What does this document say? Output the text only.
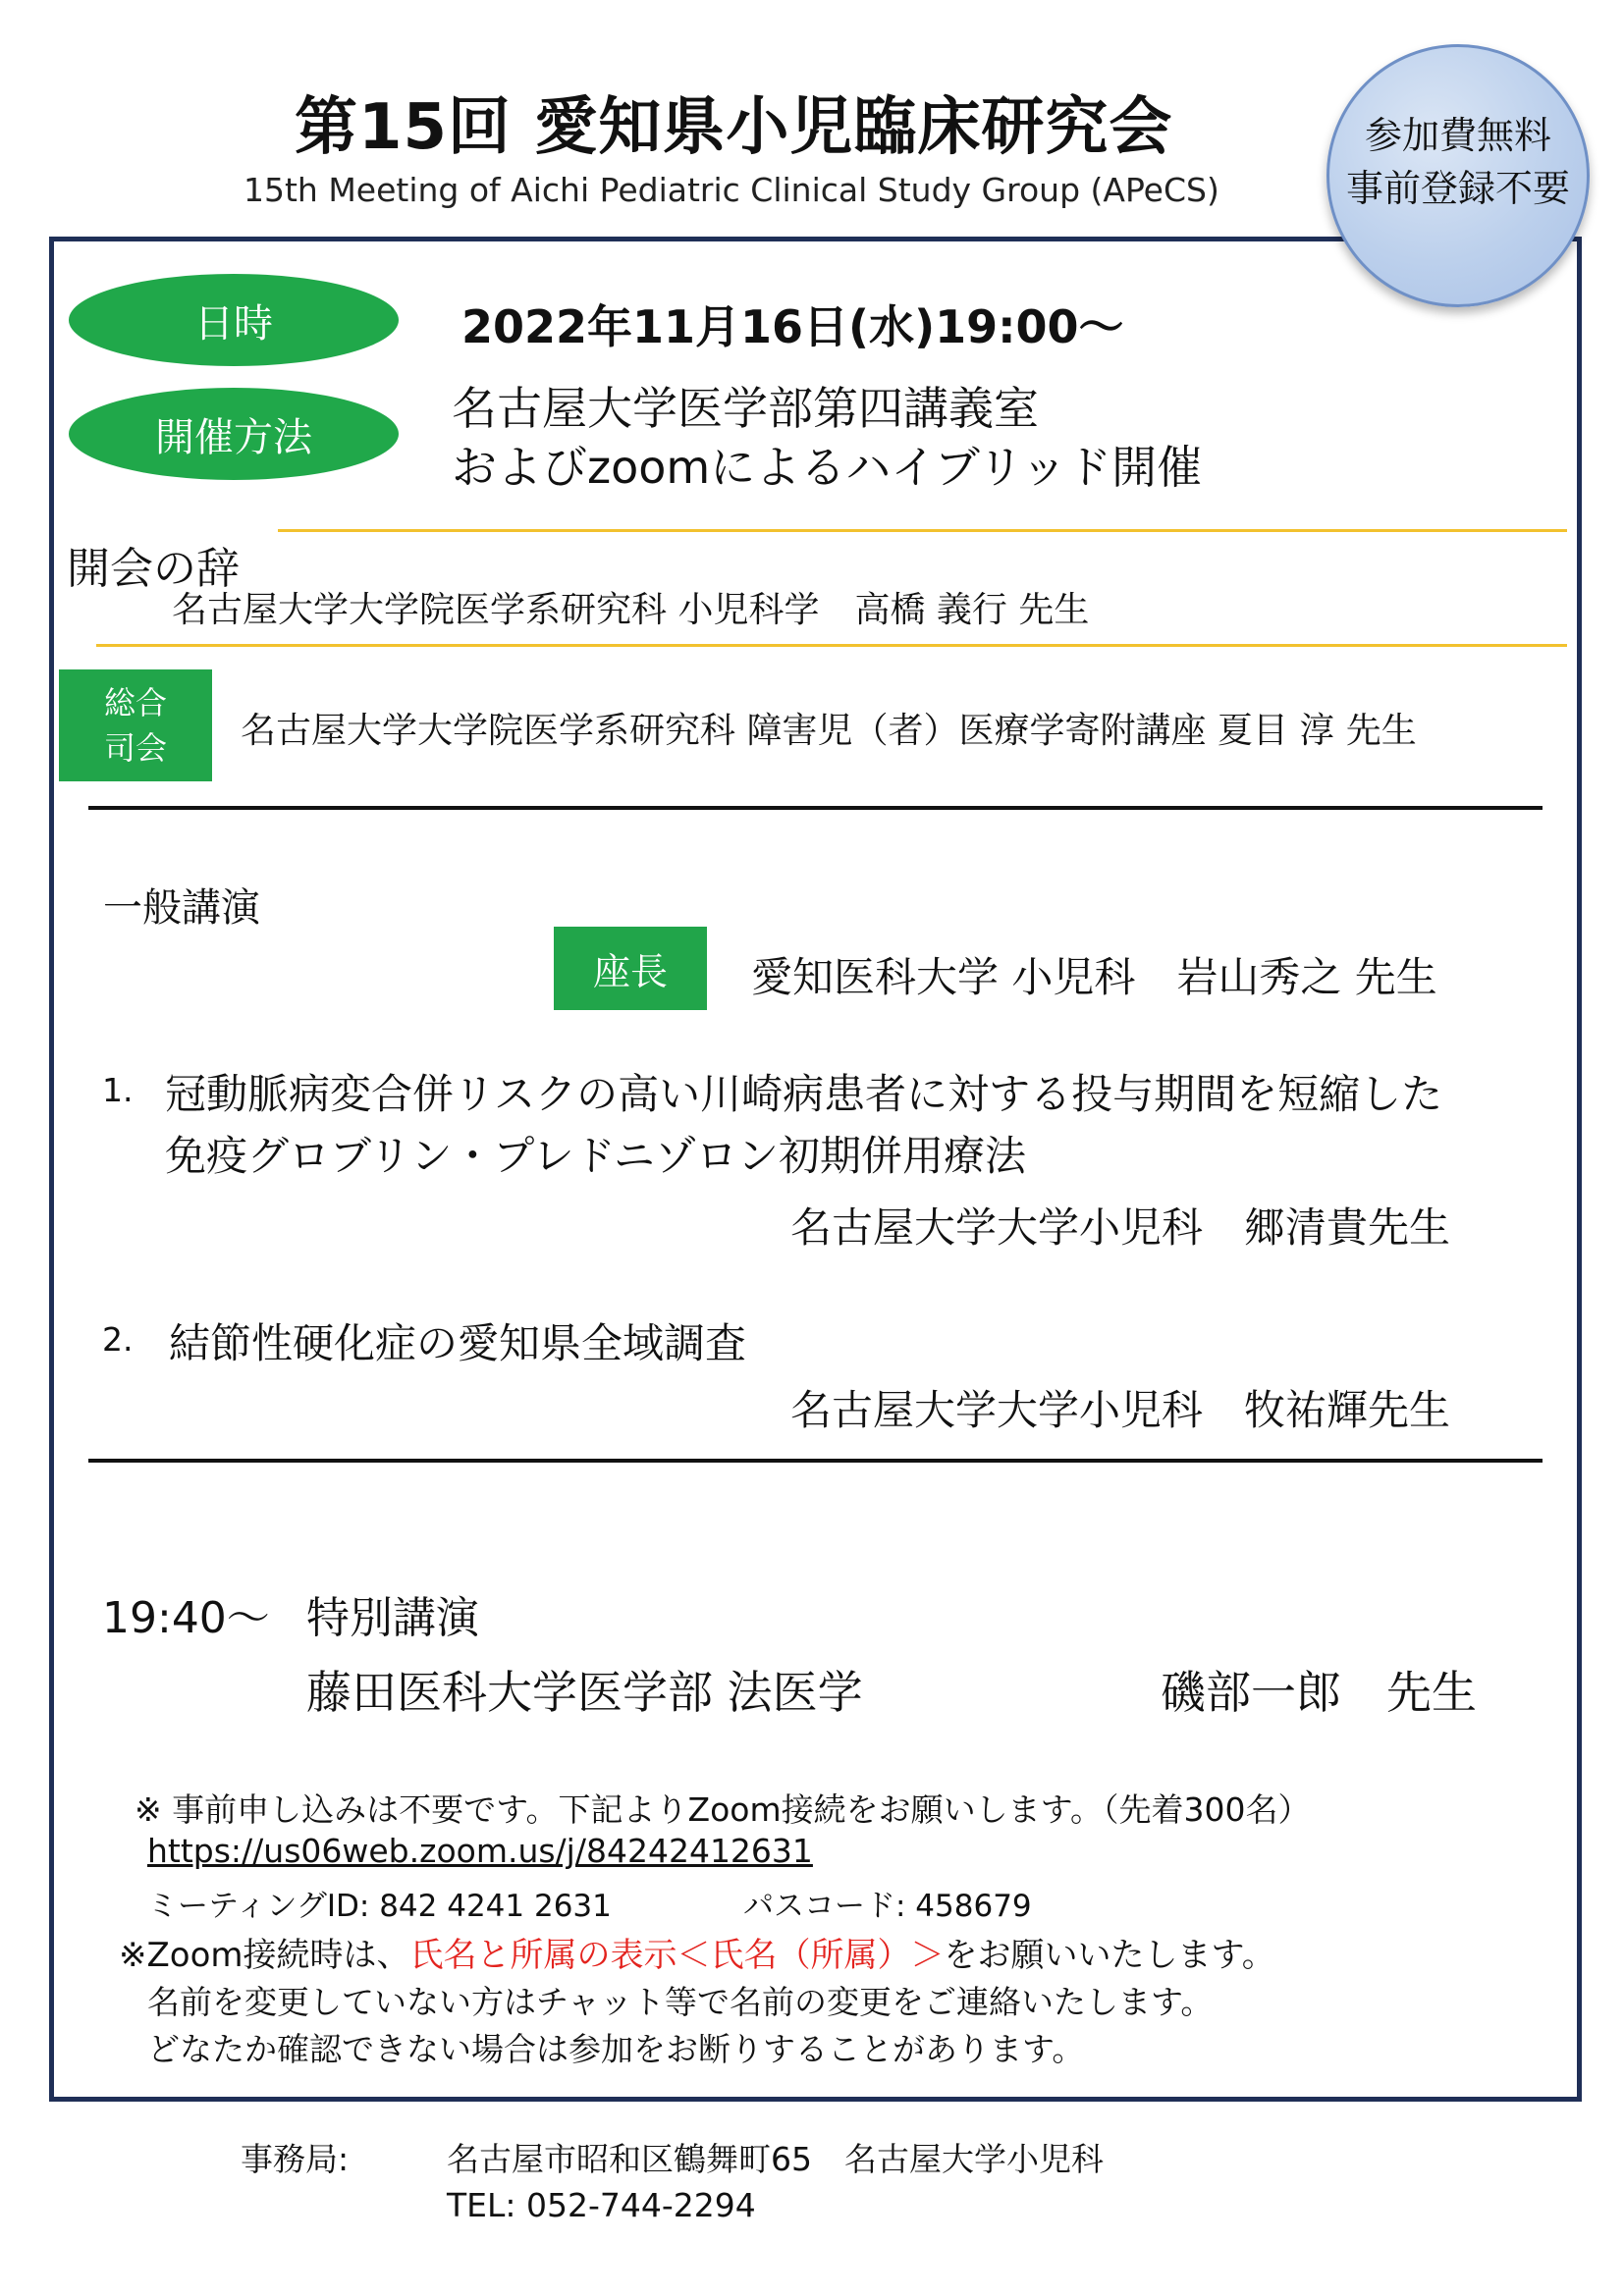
第15回 愛知県小児臨床研究会
15th Meeting of Aichi Pediatric Clinical Study Group (APeCS)
参加費無料
事前登録不要
日時	2022年11月16日(水)19:00～
開催方法
名古屋大学医学部第四講義室
およびzoomによるハイブリッド開催
開会の辞
名古屋大学大学院医学系研究科 小児科学　高橋 義行 先生
総合
司会 名古屋大学大学院医学系研究科 障害児（者）医療学寄附講座 夏目 淳 先生
一般講演
座長	愛知医科大学 小児科　岩山秀之 先生
1. 冠動脈病変合併リスクの高い川崎病患者に対する投与期間を短縮した
免疫グロブリン・プレドニゾロン初期併用療法
名古屋大学大学小児科　郷清貴先生
2. 結節性硬化症の愛知県全域調査
名古屋大学大学小児科　牧祐輝先生
19:40～ 特別講演
藤田医科大学医学部 法医学	磯部一郎　先生
※ 事前申し込みは不要です。下記よりZoom接続をお願いします。（先着300名）
https://us06web.zoom.us/j/84242412631
ミーティングID: 842 4241 2631	パスコード: 458679
※Zoom接続時は、氏名と所属の表示＜氏名（所属）＞をお願いいたします。
名前を変更していない方はチャット等で名前の変更をご連絡いたします。
どなたか確認できない場合は参加をお断りすることがあります。
事務局:	名古屋市昭和区鶴舞町65　名古屋大学小児科
TEL: 052-744-2294
